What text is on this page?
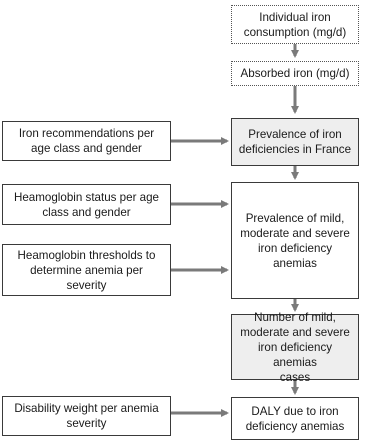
Individual iron
consumption (mg/d)
Absorbed iron (mg/d)
Prevalence of iron
deficiencies in France
Prevalence of mild,
moderate and severe
iron deficiency anemias
Number of mild,
moderate and severe
iron deficiency anemias
cases
DALY due to iron
deficiency anemias
Iron recommendations per
age class and gender
Heamoglobin status per age
class and gender
Heamoglobin thresholds to
determine anemia per
severity
Disability weight per anemia
severity
